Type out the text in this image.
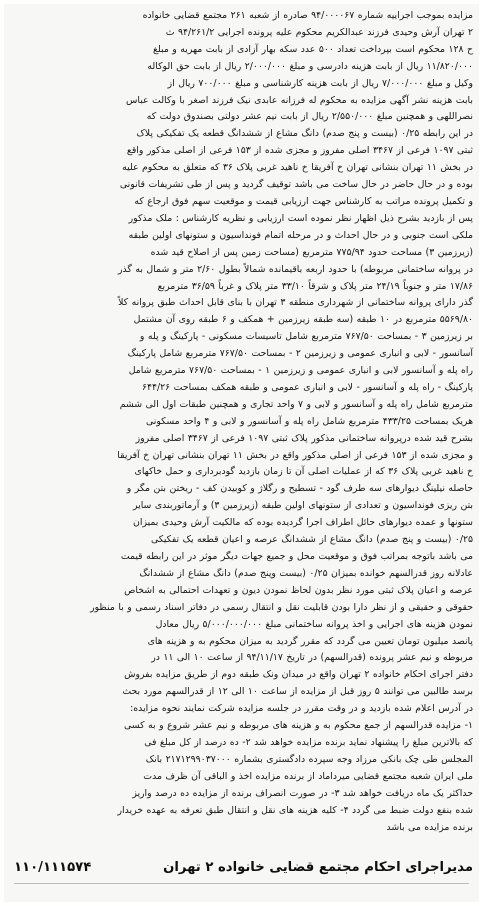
مزایده بموجب اجراییه شماره ۹۴/۰۰۰۰۶۷ صادره از شعبه ۲۶۱ مجتمع قضایی خانواده
۲ تهران آرش وحیدی فرزند عبدالکریم محکوم علیه پرونده اجرایی ۹۴/۲۶۱/۲ ث
ح ۱۲۸ محکوم است بپرداخت تعداد ۵۰۰ عدد سکه بهار آزادی از بابت مهریه و مبلغ
۱۱/۸۲۰/۰۰۰ ریال از بابت هزینه دادرسی و مبلغ ۲/۰۰۰/۰۰۰ ریال از بابت حق الوکاله
وکیل و مبلغ ۷/۰۰۰/۰۰۰ ریال از بابت هزینه کارشناسی و مبلغ ۷۰۰/۰۰۰ ریال از
بابت هزینه نشر آگهی مزایده به محکوم له فرزانه عابدی نیک فرزند اصغر با وکالت عباس
نصراللهی و همچنین مبلغ ۲/۵۵۰/۰۰۰ ریال از بابت نیم عشر دولتی بصندوق دولت که
در این رابطه ۰/۲۵ (بیست و پنج صدم) دانگ مشاع از ششدانگ قطعه یک تفکیکی پلاک
ثبتی ۱۰۹۷ فرعی از ۳۴۶۷ اصلی مفروز و مجزی شده از ۱۵۳ فرعی از اصلی مذکور واقع
در بخش ۱۱ تهران بنشانی تهران خ آفریقا خ ناهید غربی پلاک ۳۶ که متعلق به محکوم علیه
بوده و در حال حاضر در حال ساخت می باشد توقیف گردید و پس از طی تشریفات قانونی
و تکمیل پرونده مراتب به کارشناس جهت ارزیابی قیمت و موقعیت سهم فوق ارجاع که
پس از بازدید بشرح ذیل اظهار نظر نموده است ارزیابی و نظریه کارشناس : ملک مذکور
ملکی است جنوبی و در حال احداث و در مرحله اتمام فونداسیون و ستونهای اولین طبقه
(زیرزمین ۳) مساحت حدود ۷۷۵/۹۴ مترمربع (مساحت زمین پس از اصلاح قید شده
در پروانه ساختمانی مربوطه) با حدود اربعه باقیمانده شمالاً بطول ۲/۶۰ متر و شمال به گذر
۱۷/۸۶ متر و جنوباً ۲۴/۱۹ متر پلاک و شرقاً ۳۳/۱۰ متر پلاک و غرباً ۳۶/۵۹ مترمربع
گذر دارای پروانه ساختمانی از شهرداری منطقه ۳ تهران با بنای قابل احداث طبق پروانه کلاً
۵۵۶۹/۸۰ مترمربع در ۱۰ طبقه (سه طبقه زیرزمین + همکف و ۶ طبقه روی آن مشتمل
بر زیرزمین ۳ - بمساحت ۷۶۷/۵۰ مترمربع شامل تاسیسات مسکونی - پارکینگ و پله و
آسانسور - لابی و انباری عمومی و زیرزمین ۲ - بمساحت ۷۶۷/۵۰ مترمربع شامل پارکینگ
راه پله و آسانسور لابی و انباری عمومی و زیرزمین ۱ - بمساحت ۷۶۷/۵۰ مترمربع شامل
پارکینگ - راه پله و آسانسور - لابی و انباری عمومی و طبقه همکف بمساحت ۶۴۴/۲۶
مترمربع شامل راه پله و آسانسور و لابی و ۷ واحد تجاری و همچنین طبقات اول الی ششم
هریک بمساحت ۴۳۳/۲۵ مترمربع شامل راه پله و آسانسور و لابی و ۴ واحد مسکونی
بشرح قید شده درپروانه ساختمانی مذکور پلاک ثبتی ۱۰۹۷ فرعی از ۳۴۶۷ اصلی مفروز
و مجزی شده از ۱۵۳ فرعی از اصلی مذکور واقع در بخش ۱۱ تهران بنشانی تهران خ آفریقا
خ ناهید غربی پلاک ۳۶ که از عملیات اصلی آن تا زمان بازدید گودبرداری و حمل خاکهای
حاصله نیلینگ دیوارهای سه طرف گود - تسطیح و رگلاژ و کوبیدن کف - ریختن بتن مگر و
بتن ریزی فونداسیون و تعدادی از ستونهای اولین طبقه (زیرزمین ۳) و آرماتوربندی سایر
ستونها و عمده دیوارهای حائل اطراف اجرا گردیده بوده که مالکیت آرش وحیدی بمیزان
۰/۲۵ (بیست و پنج صدم) دانگ مشاع از ششدانگ عرصه و اعیان قطعه یک تفکیکی
می باشد باتوجه بمراتب فوق و موقعیت محل و جمیع جهات دیگر موثر در این رابطه قیمت
عادلانه روز قدرالسهم خوانده بمیزان ۰/۲۵ (بیست وپنج صدم) دانگ مشاع از ششدانگ
عرصه و اعیان پلاک ثبتی مورد نظر بدون لحاظ نمودن دیون و تعهدات احتمالی به اشخاص
حقوقی و حقیقی و از نظر دارا بودن قابلیت نقل و انتقال رسمی در دفاتر اسناد رسمی و با منظور
نمودن هزینه های اجرایی و اخذ پروانه ساختمانی مبلغ ۵/۰۰۰/۰۰۰/۰۰۰ ریال معادل
پانصد میلیون تومان تعیین می گردد که مقرر گردید به میزان محکوم به و هزینه های
مربوطه و نیم عشر پرونده (قدرالسهم) در تاریخ ۹۴/۱۱/۱۷ از ساعت ۱۰ الی ۱۱ در
دفتر اجرای احکام خانواده ۲ تهران واقع در میدان ونک طبقه دوم از طریق مزایده بفروش
برسد طالبین می توانند ۵ روز قبل از مزایده از ساعت ۱۰ الی ۱۲ از قدرالسهم مورد بحث
در آدرس اعلام شده بازدید و در وقت مقرر در جلسه مزایده شرکت نمایند نحوه مزایده:
۱- مزایده قدرالسهم از جمع محکوم به و هزینه های مربوطه و نیم عشر شروع و به کسی
که بالاترین مبلغ را پیشنهاد نماید برنده مزایده خواهد شد ۲- ده درصد از کل مبلغ فی
المجلس طی چک بانکی مرزاد وجه سپرده دادگستری بشماره ۲۱۷۱۲۹۹۰۳۷۰۰۰ بانک
ملی ایران شعبه مجتمع قضایی میرداماد از برنده مزایده اخذ و الباقی آن ظرف مدت
حداکثر یک ماه دریافت خواهد شد ۳- در صورت انصراف برنده از مزایده ده درصد واریز
شده بنفع دولت ضبط می گردد ۴- کلیه هزینه های نقل و انتقال طبق تعرفه به عهده خریدار
برنده مزایده می باشد
مدیراجرای احکام مجتمع قضایی خانواده ۲ تهران
۱۱۰/۱۱۱۵۷۴
